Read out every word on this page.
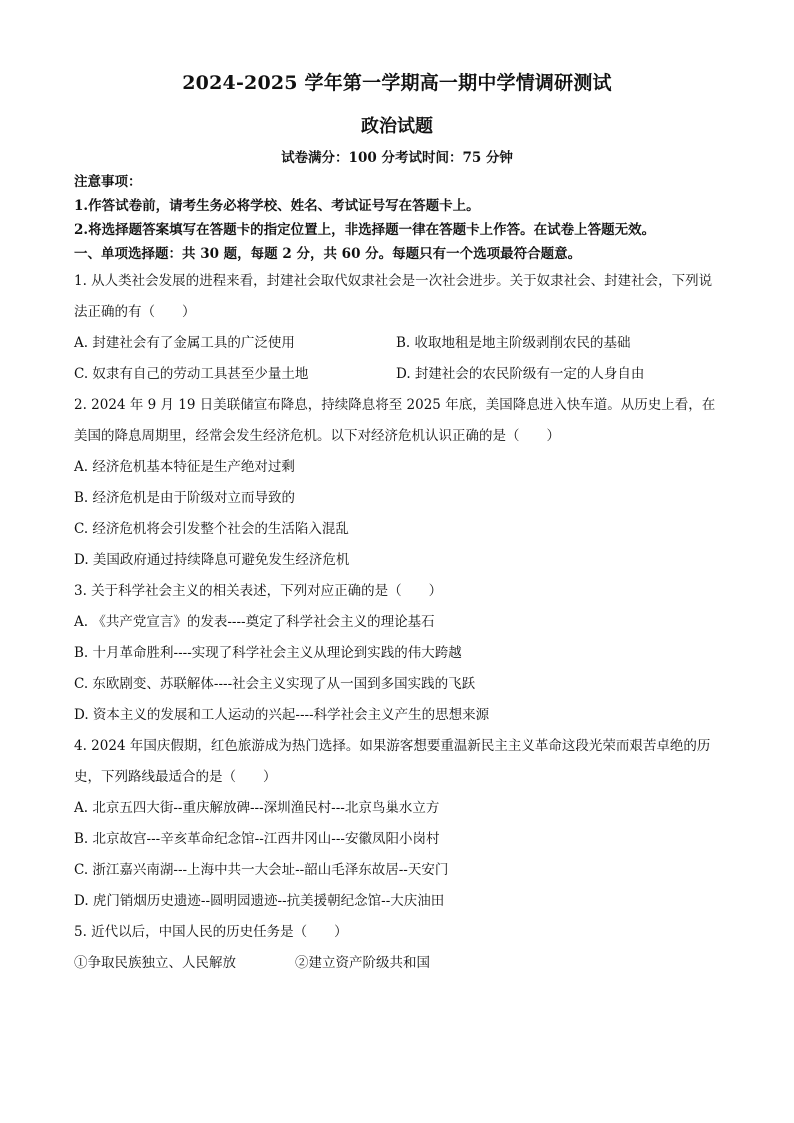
2024-2025 学年第一学期高一期中学情调研测试
政治试题
试卷满分：100 分考试时间：75 分钟
注意事项：
1.作答试卷前，请考生务必将学校、姓名、考试证号写在答题卡上。
2.将选择题答案填写在答题卡的指定位置上，非选择题一律在答题卡上作答。在试卷上答题无效。
一、单项选择题：共 30 题，每题 2 分，共 60 分。每题只有一个选项最符合题意。
1. 从人类社会发展的进程来看，封建社会取代奴隶社会是一次社会进步。关于奴隶社会、封建社会，下列说法正确的有（　　）
A. 封建社会有了金属工具的广泛使用	B. 收取地租是地主阶级剥削农民的基础
C. 奴隶有自己的劳动工具甚至少量土地	D. 封建社会的农民阶级有一定的人身自由
2. 2024 年 9 月 19 日美联储宣布降息，持续降息将至 2025 年底，美国降息进入快车道。从历史上看，在美国的降息周期里，经常会发生经济危机。以下对经济危机认识正确的是（　　）
A. 经济危机基本特征是生产绝对过剩
B. 经济危机是由于阶级对立而导致的
C. 经济危机将会引发整个社会的生活陷入混乱
D. 美国政府通过持续降息可避免发生经济危机
3. 关于科学社会主义的相关表述，下列对应正确的是（　　）
A. 《共产党宣言》的发表----奠定了科学社会主义的理论基石
B. 十月革命胜利----实现了科学社会主义从理论到实践的伟大跨越
C. 东欧剧变、苏联解体----社会主义实现了从一国到多国实践的飞跃
D. 资本主义的发展和工人运动的兴起----科学社会主义产生的思想来源
4. 2024 年国庆假期，红色旅游成为热门选择。如果游客想要重温新民主主义革命这段光荣而艰苦卓绝的历史，下列路线最适合的是（　　）
A. 北京五四大街--重庆解放碑---深圳渔民村---北京鸟巢水立方
B. 北京故宫---辛亥革命纪念馆--江西井冈山---安徽凤阳小岗村
C. 浙江嘉兴南湖---上海中共一大会址--韶山毛泽东故居--天安门
D. 虎门销烟历史遗迹--圆明园遗迹--抗美援朝纪念馆--大庆油田
5. 近代以后，中国人民的历史任务是（　　）
①争取民族独立、人民解放	②建立资产阶级共和国
